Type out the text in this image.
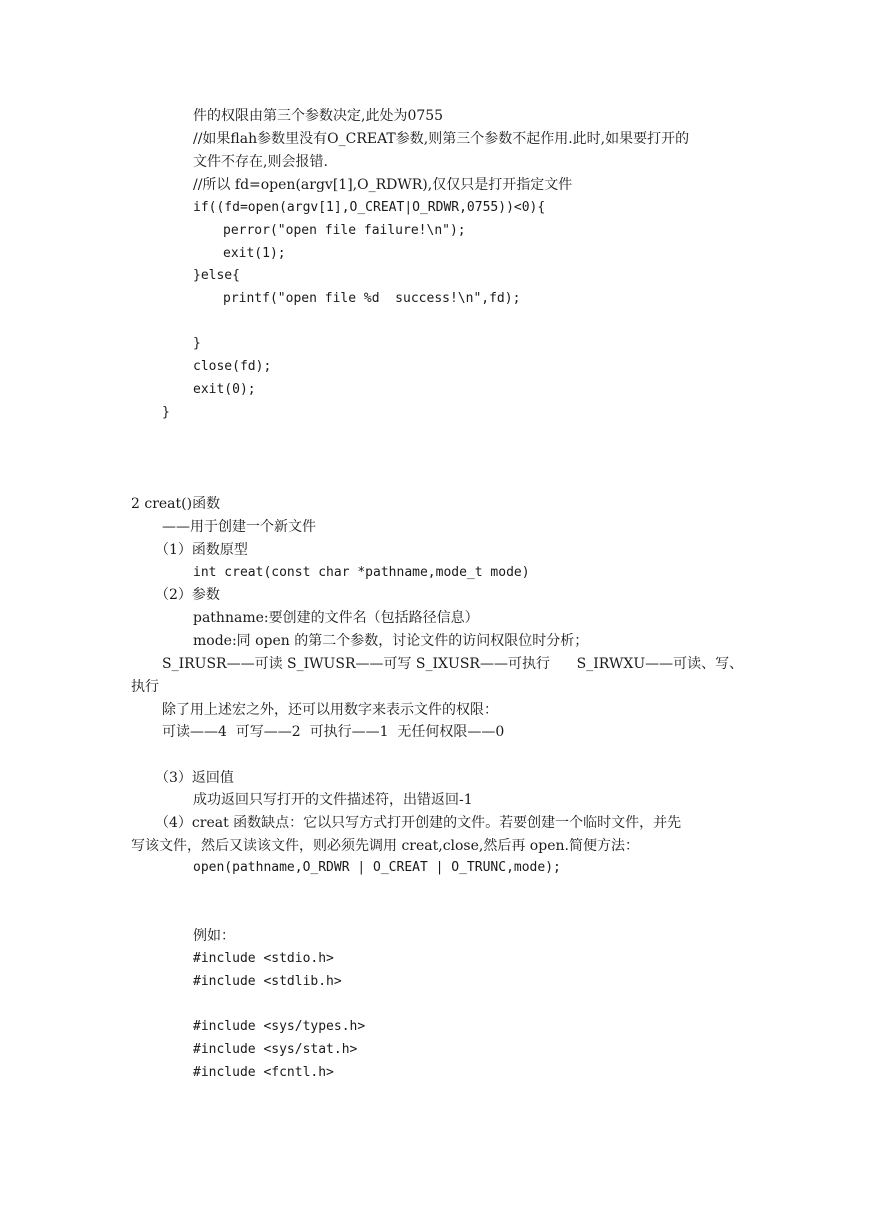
件的权限由第三个参数决定,此处为0755
//如果flah参数里没有O_CREAT参数,则第三个参数不起作用.此时,如果要打开的
文件不存在,则会报错.
//所以 fd=open(argv[1],O_RDWR),仅仅只是打开指定文件
if((fd=open(argv[1],O_CREAT|O_RDWR,0755))<0){
perror("open file failure!\n");
exit(1);
}else{
printf("open file %d  success!\n",fd);
}
close(fd);
exit(0);
}
2 creat()函数
——用于创建一个新文件
（1）函数原型
int creat(const char *pathname,mode_t mode)
（2）参数
pathname:要创建的文件名（包括路径信息）
mode:同 open 的第二个参数，讨论文件的访问权限位时分析；
S_IRUSR——可读 S_IWUSR——可写 S_IXUSR——可执行      S_IRWXU——可读、写、
执行
除了用上述宏之外，还可以用数字来表示文件的权限：
可读——4  可写——2  可执行——1  无任何权限——0
（3）返回值
成功返回只写打开的文件描述符，出错返回-1
（4）creat 函数缺点：它以只写方式打开创建的文件。若要创建一个临时文件，并先
写该文件，然后又读该文件，则必须先调用 creat,close,然后再 open.简便方法：
open(pathname,O_RDWR | O_CREAT | O_TRUNC,mode);
例如：
#include <stdio.h>
#include <stdlib.h>
#include <sys/types.h>
#include <sys/stat.h>
#include <fcntl.h>
